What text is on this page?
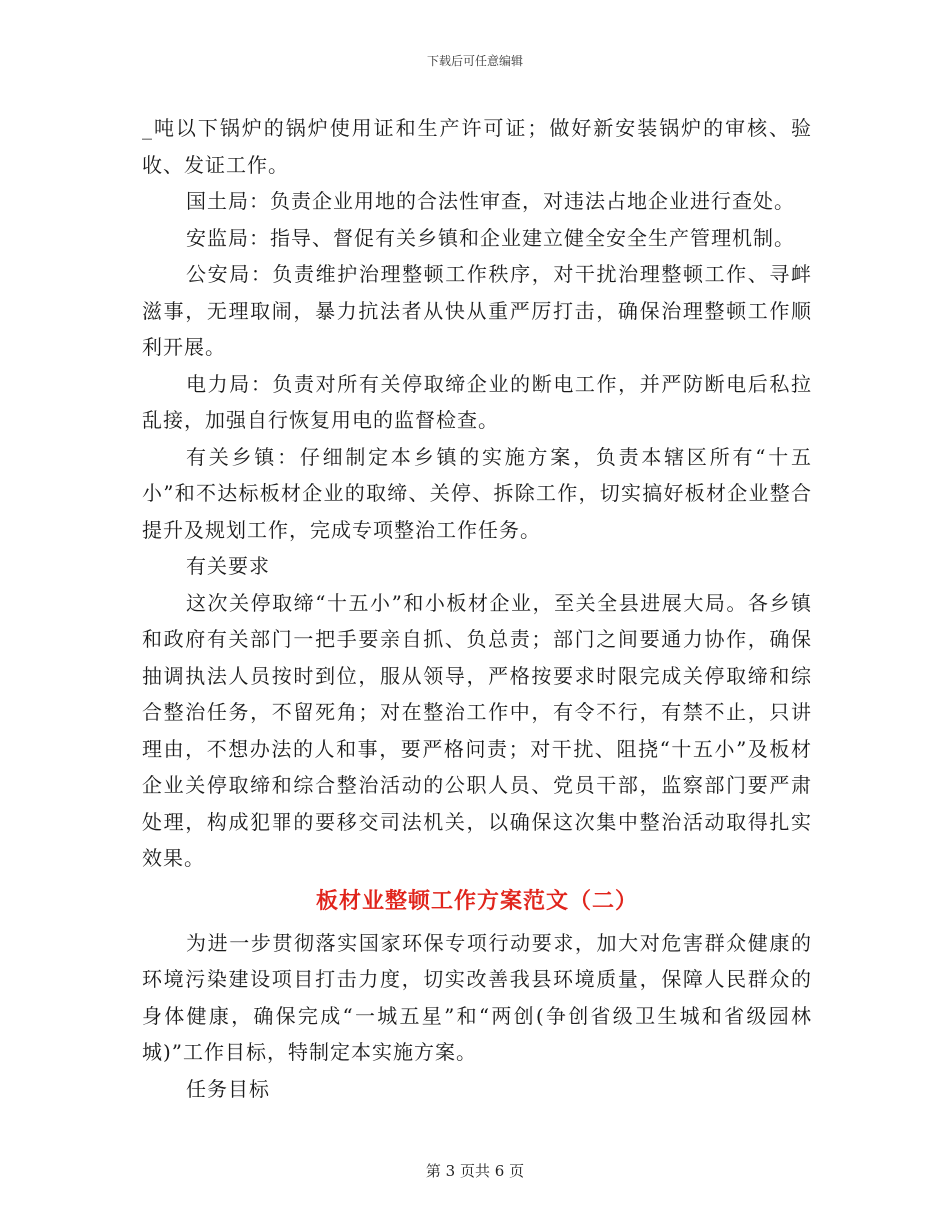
下载后可任意编辑

_吨以下锅炉的锅炉使用证和生产许可证；做好新安装锅炉的审核、验收、发证工作。

国土局：负责企业用地的合法性审查，对违法占地企业进行查处。

安监局：指导、督促有关乡镇和企业建立健全安全生产管理机制。

公安局：负责维护治理整顿工作秩序，对干扰治理整顿工作、寻衅滋事，无理取闹，暴力抗法者从快从重严厉打击，确保治理整顿工作顺利开展。

电力局：负责对所有关停取缔企业的断电工作，并严防断电后私拉乱接，加强自行恢复用电的监督检查。

有关乡镇：仔细制定本乡镇的实施方案，负责本辖区所有“十五小”和不达标板材企业的取缔、关停、拆除工作，切实搞好板材企业整合提升及规划工作，完成专项整治工作任务。

有关要求

这次关停取缔“十五小”和小板材企业，至关全县进展大局。各乡镇和政府有关部门一把手要亲自抓、负总责；部门之间要通力协作，确保抽调执法人员按时到位，服从领导，严格按要求时限完成关停取缔和综合整治任务，不留死角；对在整治工作中，有令不行，有禁不止，只讲理由，不想办法的人和事，要严格问责；对干扰、阻挠“十五小”及板材企业关停取缔和综合整治活动的公职人员、党员干部，监察部门要严肃处理，构成犯罪的要移交司法机关，以确保这次集中整治活动取得扎实效果。

板材业整顿工作方案范文（二）

为进一步贯彻落实国家环保专项行动要求，加大对危害群众健康的环境污染建设项目打击力度，切实改善我县环境质量，保障人民群众的身体健康，确保完成“一城五星”和“两创(争创省级卫生城和省级园林城)”工作目标，特制定本实施方案。

任务目标

第 3 页共 6 页
